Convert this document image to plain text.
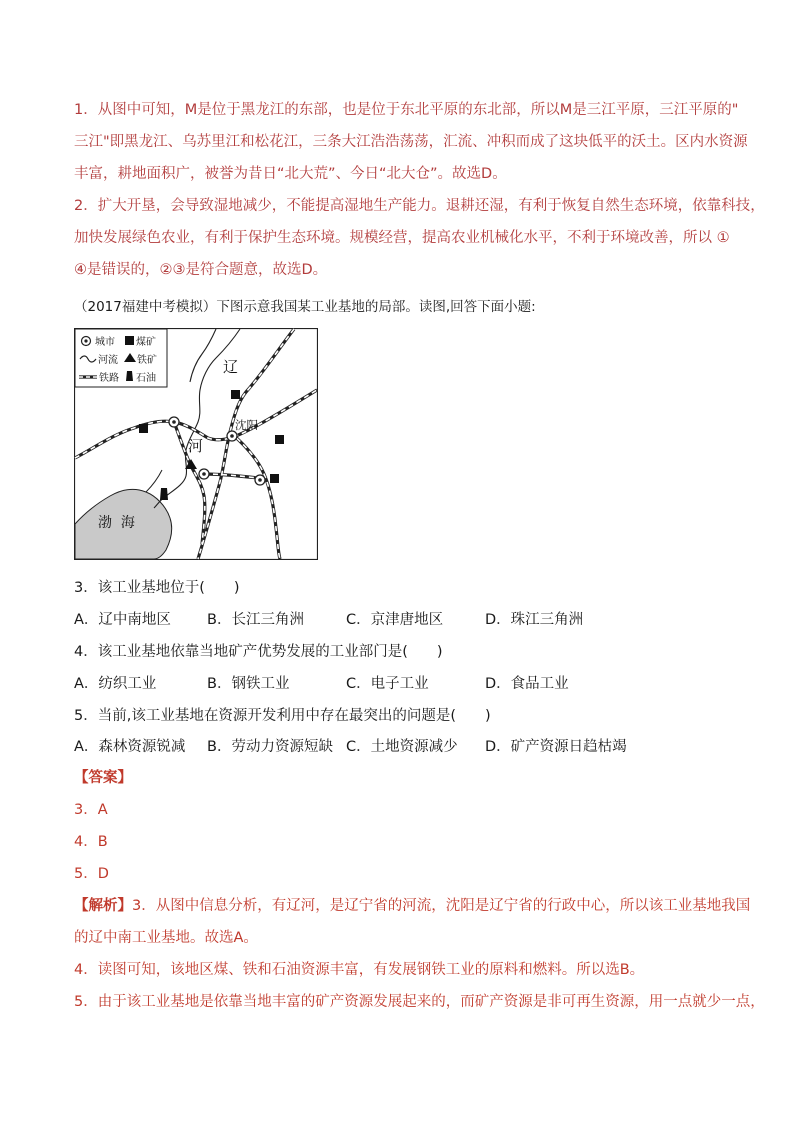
1．从图中可知，M是位于黑龙江的东部，也是位于东北平原的东北部，所以M是三江平原，三江平原的"
三江"即黑龙江、乌苏里江和松花江，三条大江浩浩荡荡，汇流、冲积而成了这块低平的沃土。区内水资源
丰富，耕地面积广，被誉为昔日“北大荒”、今日“北大仓”。故选D。
2．扩大开垦，会导致湿地减少，不能提高湿地生产能力。退耕还湿，有利于恢复自然生态环境，依靠科技，
加快发展绿色农业，有利于保护生态环境。规模经营，提高农业机械化水平，不利于环境改善，所以 ①
④是错误的，②③是符合题意，故选D。
（2017福建中考模拟）下图示意我国某工业基地的局部。读图,回答下面小题:
城市 煤矿
河流 铁矿
铁路 石油
辽
河
沈阳
渤  海
3．该工业基地位于(　　)
A．辽中南地区 B．长江三角洲	C．京津唐地区	D．珠江三角洲
4．该工业基地依靠当地矿产优势发展的工业部门是(　　)
A．纺织工业	B．钢铁工业	C．电子工业	D．食品工业
5．当前,该工业基地在资源开发利用中存在最突出的问题是(　　)
A．森林资源锐减 B．劳动力资源短缺 C．土地资源减少 D．矿产资源日趋枯竭
【答案】
3．A
4．B
5．D
【解析】3．从图中信息分析，有辽河，是辽宁省的河流，沈阳是辽宁省的行政中心，所以该工业基地我国
的辽中南工业基地。故选A。
4．读图可知，该地区煤、铁和石油资源丰富，有发展钢铁工业的原料和燃料。所以选B。
5．由于该工业基地是依靠当地丰富的矿产资源发展起来的，而矿产资源是非可再生资源，用一点就少一点，
